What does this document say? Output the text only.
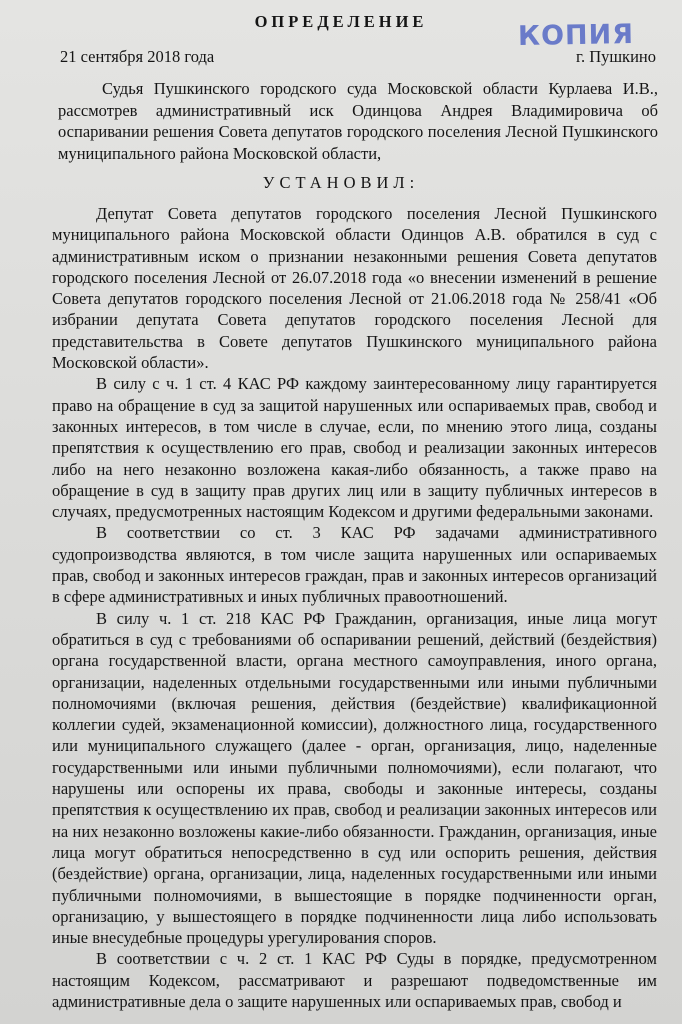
ОПРЕДЕЛЕНИЕ	КОПИЯ
21 сентября 2018 года	г. Пушкино
Судья Пушкинского городского суда Московской области Курлаева И.В., рассмотрев административный иск Одинцова Андрея Владимировича об оспаривании решения Совета депутатов городского поселения Лесной Пушкинского муниципального района Московской области,
УСТАНОВИЛ:

Депутат Совета депутатов городского поселения Лесной Пушкинского муниципального района Московской области Одинцов А.В. обратился в суд с административным иском о признании незаконными решения Совета депутатов городского поселения Лесной от 26.07.2018 года «о внесении изменений в решение Совета депутатов городского поселения Лесной от 21.06.2018 года № 258/41 «Об избрании депутата Совета депутатов городского поселения Лесной для представительства в Совете депутатов Пушкинского муниципального района Московской области».

В силу с ч. 1 ст. 4 КАС РФ каждому заинтересованному лицу гарантируется право на обращение в суд за защитой нарушенных или оспариваемых прав, свобод и законных интересов, в том числе в случае, если, по мнению этого лица, созданы препятствия к осуществлению его прав, свобод и реализации законных интересов либо на него незаконно возложена какая-либо обязанность, а также право на обращение в суд в защиту прав других лиц или в защиту публичных интересов в случаях, предусмотренных настоящим Кодексом и другими федеральными законами.

В соответствии со ст. 3 КАС РФ задачами административного судопроизводства являются, в том числе защита нарушенных или оспариваемых прав, свобод и законных интересов граждан, прав и законных интересов организаций в сфере административных и иных публичных правоотношений.

В силу ч. 1 ст. 218 КАС РФ Гражданин, организация, иные лица могут обратиться в суд с требованиями об оспаривании решений, действий (бездействия) органа государственной власти, органа местного самоуправления, иного органа, организации, наделенных отдельными государственными или иными публичными полномочиями (включая решения, действия (бездействие) квалификационной коллегии судей, экзаменационной комиссии), должностного лица, государственного или муниципального служащего (далее - орган, организация, лицо, наделенные государственными или иными публичными полномочиями), если полагают, что нарушены или оспорены их права, свободы и законные интересы, созданы препятствия к осуществлению их прав, свобод и реализации законных интересов или на них незаконно возложены какие-либо обязанности. Гражданин, организация, иные лица могут обратиться непосредственно в суд или оспорить решения, действия (бездействие) органа, организации, лица, наделенных государственными или иными публичными полномочиями, в вышестоящие в порядке подчиненности орган, организацию, у вышестоящего в порядке подчиненности лица либо использовать иные внесудебные процедуры урегулирования споров.

В соответствии с ч. 2 ст. 1 КАС РФ Суды в порядке, предусмотренном настоящим Кодексом, рассматривают и разрешают подведомственные им административные дела о защите нарушенных или оспариваемых прав, свобод и
